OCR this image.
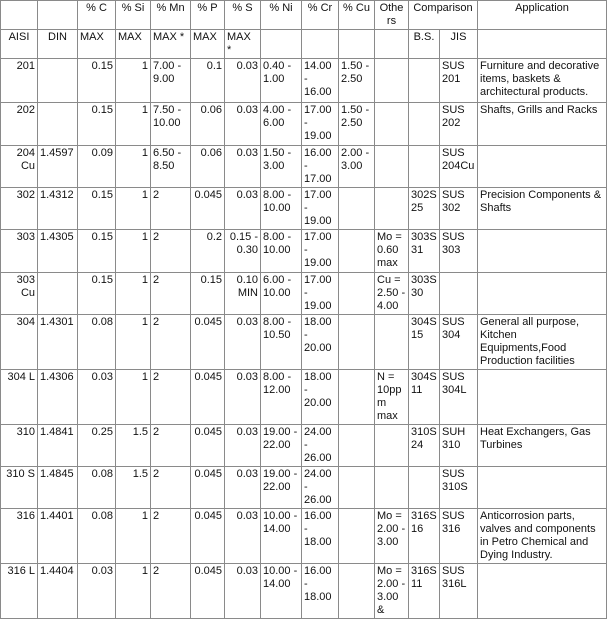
		% C	% Si	% Mn	% P	% S	% Ni	% Cr	% Cu	Othe rs	Comparison		Application
AISI	DIN	MAX	MAX	MAX *	MAX	MAX *					B.S.	JIS	
201		0.15	1	7.00 - 9.00	0.1	0.03	0.40 - 1.00	14.00 - 16.00	1.50 - 2.50			SUS 201	Furniture and decorative items, baskets & architectural products.
202		0.15	1	7.50 - 10.00	0.06	0.03	4.00 - 6.00	17.00 - 19.00	1.50 - 2.50			SUS 202	Shafts, Grills and Racks
204 Cu	1.4597	0.09	1	6.50 - 8.50	0.06	0.03	1.50 - 3.00	16.00 - 17.00	2.00 - 3.00			SUS 204Cu	
302	1.4312	0.15	1	2	0.045	0.03	8.00 - 10.00	17.00 - 19.00			302S25	SUS 302	Precision Components & Shafts
303	1.4305	0.15	1	2	0.2	0.15 - 0.30	8.00 - 10.00	17.00 - 19.00		Mo = 0.60 max	303S31	SUS 303	
303 Cu		0.15	1	2	0.15	0.10 MIN	6.00 - 10.00	17.00 - 19.00		Cu = 2.50 - 4.00	303S30		
304	1.4301	0.08	1	2	0.045	0.03	8.00 - 10.50	18.00 - 20.00			304S15	SUS 304	General all purpose, Kitchen Equipments,Food Production facilities
304 L	1.4306	0.03	1	2	0.045	0.03	8.00 - 12.00	18.00 - 20.00		N = 10ppm max	304S11	SUS 304L	
310	1.4841	0.25	1.5	2	0.045	0.03	19.00 - 22.00	24.00 - 26.00			310S24	SUH 310	Heat Exchangers, Gas Turbines
310 S	1.4845	0.08	1.5	2	0.045	0.03	19.00 - 22.00	24.00 - 26.00				SUS 310S	
316	1.4401	0.08	1	2	0.045	0.03	10.00 - 14.00	16.00 - 18.00		Mo = 2.00 - 3.00	316S16	SUS 316	Anticorrosion parts, valves and components in Petro Chemical and Dying Industry.
316 L	1.4404	0.03	1	2	0.045	0.03	10.00 - 14.00	16.00 - 18.00		Mo = 2.00 - 3.00 &	316S11	SUS 316L	
